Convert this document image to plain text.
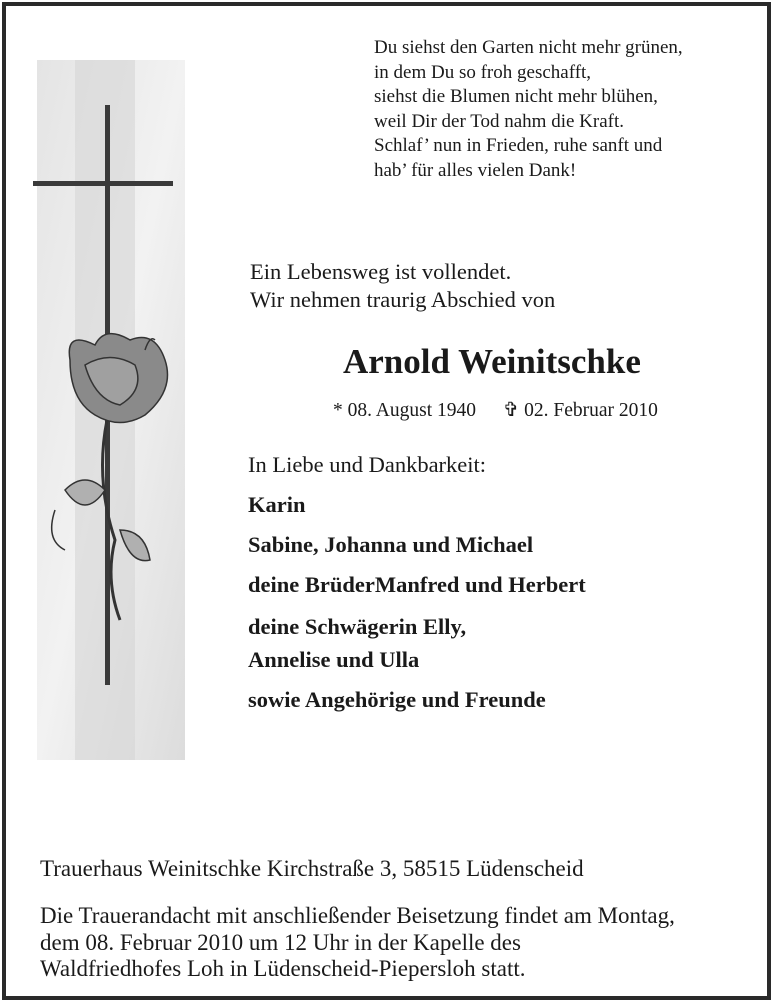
Du siehst den Garten nicht mehr grünen,
in dem Du so froh geschafft,
siehst die Blumen nicht mehr blühen,
weil Dir der Tod nahm die Kraft.
Schlaf’ nun in Frieden, ruhe sanft und
hab’ für alles vielen Dank!
Ein Lebensweg ist vollendet.
Wir nehmen traurig Abschied von
Arnold Weinitschke
* 08. August 1940 ✞ 02. Februar 2010
In Liebe und Dankbarkeit:
Karin
Sabine, Johanna und Michael
deine BrüderManfred und Herbert
deine Schwägerin Elly,
Annelise und Ulla
sowie Angehörige und Freunde
Trauerhaus Weinitschke Kirchstraße 3, 58515 Lüdenscheid
Die Trauerandacht mit anschließender Beisetzung findet am Montag,
dem 08. Februar 2010 um 12 Uhr in der Kapelle des
Waldfriedhofes Loh in Lüdenscheid-Piepersloh statt.
